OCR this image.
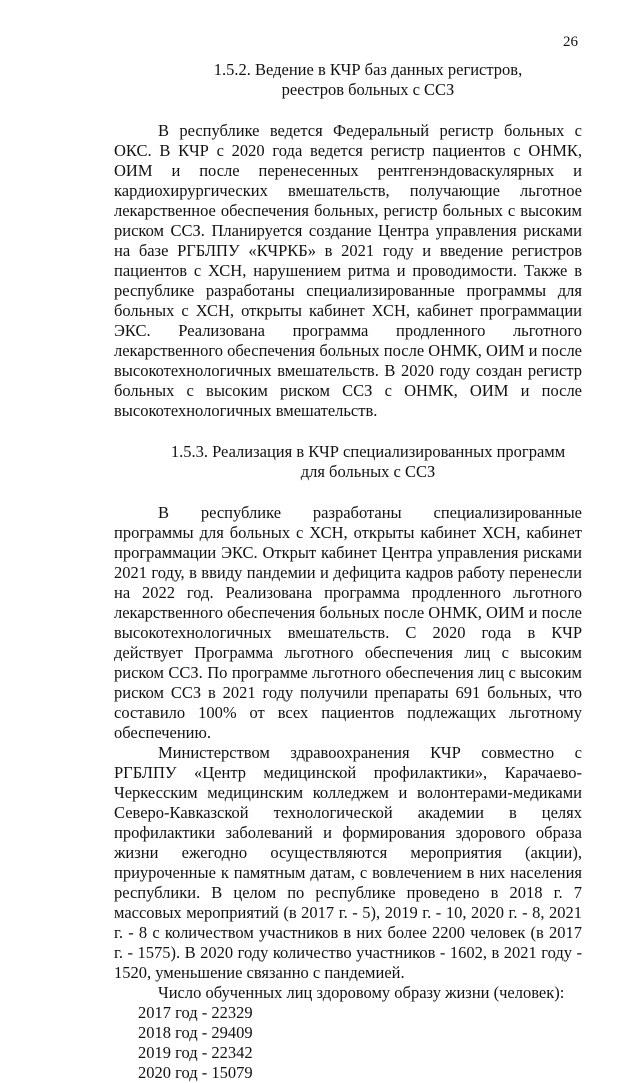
26

1.5.2. Ведение в КЧР баз данных регистров,

реестров больных с ССЗ

В республике ведется Федеральный регистр больных с ОКС. В КЧР с 2020 года ведется регистр пациентов с ОНМК, ОИМ и после перенесенных рентгенэндоваскулярных и кардиохирургических вмешательств, получающие льготное лекарственное обеспечения больных, регистр больных с высоким риском ССЗ. Планируется создание Центра управления рисками на базе РГБЛПУ «КЧРКБ» в 2021 году и введение регистров пациентов с ХСН, нарушением ритма и проводимости. Также в республике разработаны специализированные программы для больных с ХСН, открыты кабинет ХСН, кабинет программации ЭКС. Реализована программа продленного льготного лекарственного обеспечения больных после ОНМК, ОИМ и после высокотехнологичных вмешательств. В 2020 году создан регистр больных с высоким риском ССЗ с ОНМК, ОИМ и после высокотехнологичных вмешательств.

1.5.3. Реализация в КЧР специализированных программ

для больных с ССЗ

В республике разработаны специализированные программы для больных с ХСН, открыты кабинет ХСН, кабинет программации ЭКС. Открыт кабинет Центра управления рисками 2021 году, в ввиду пандемии и дефицита кадров работу перенесли на 2022 год. Реализована программа продленного льготного лекарственного обеспечения больных после ОНМК, ОИМ и после высокотехнологичных вмешательств. С 2020 года в КЧР действует Программа льготного обеспечения лиц с высоким риском ССЗ. По программе льготного обеспечения лиц с высоким риском ССЗ в 2021 году получили препараты 691 больных, что составило 100% от всех пациентов подлежащих льготному обеспечению.

Министерством здравоохранения КЧР совместно с РГБЛПУ «Центр медицинской профилактики», Карачаево-Черкесским медицинским колледжем и волонтерами-медиками Северо-Кавказской технологической академии в целях профилактики заболеваний и формирования здорового образа жизни ежегодно осуществляются мероприятия (акции), приуроченные к памятным датам, с вовлечением в них населения республики. В целом по республике проведено в 2018 г. 7 массовых мероприятий (в 2017 г. - 5), 2019 г. - 10, 2020 г. - 8, 2021 г. - 8 с количеством участников в них более 2200 человек (в 2017 г. - 1575). В 2020 году количество участников - 1602, в 2021 году - 1520, уменьшение связанно с пандемией.

Число обученных лиц здоровому образу жизни (человек):

2017 год - 22329
2018 год - 29409
2019 год - 22342
2020 год - 15079
